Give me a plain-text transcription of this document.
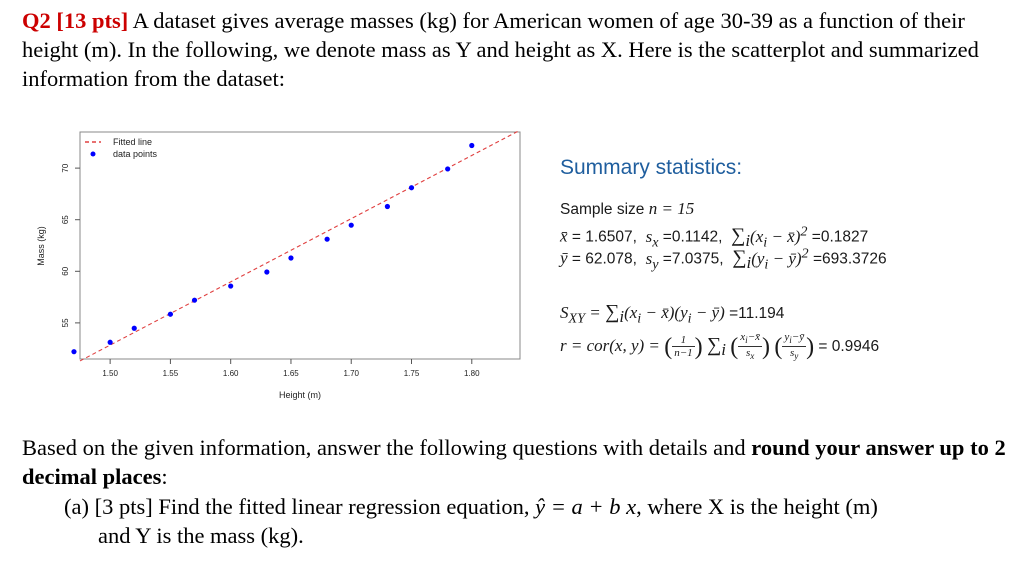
Q2 [13 pts] A dataset gives average masses (kg) for American women of age 30-39 as a function of their height (m). In the following, we denote mass as Y and height as X. Here is the scatterplot and summarized information from the dataset:
1.50	1.55	1.60	1.65	1.70	1.75	1.80
55
60
65
70
Height (m)
Mass (kg)
Fitted line
data points
Summary statistics:
Sample size n = 15
x̄ = 1.6507, $s_x =0.1142$, $\sum_i(x_i$ − x̄)$^2$ =0.1827
ȳ = 62.078, $s_y =7.0375$, $\sum_i(y_i$ − ȳ)$^2$ =693.3726
$S_{XY} = \sum_i(x_i$ − $x̄)(y_i$ − ȳ) =11.194
r = cor(x, y) = ( $\frac{1}{n-1}$ ) $\sum_i$ ( $\frac{x_i-x̄}{s_x}$ ) ( $\frac{y_i-ȳ}{s_y}$ ) = 0.9946
Based on the given information, answer the following questions with details and round your answer up to 2 decimal places:
(a) [3 pts] Find the fitted linear regression equation, ŷ = a + b x, where X is the height (m)
and Y is the mass (kg).
